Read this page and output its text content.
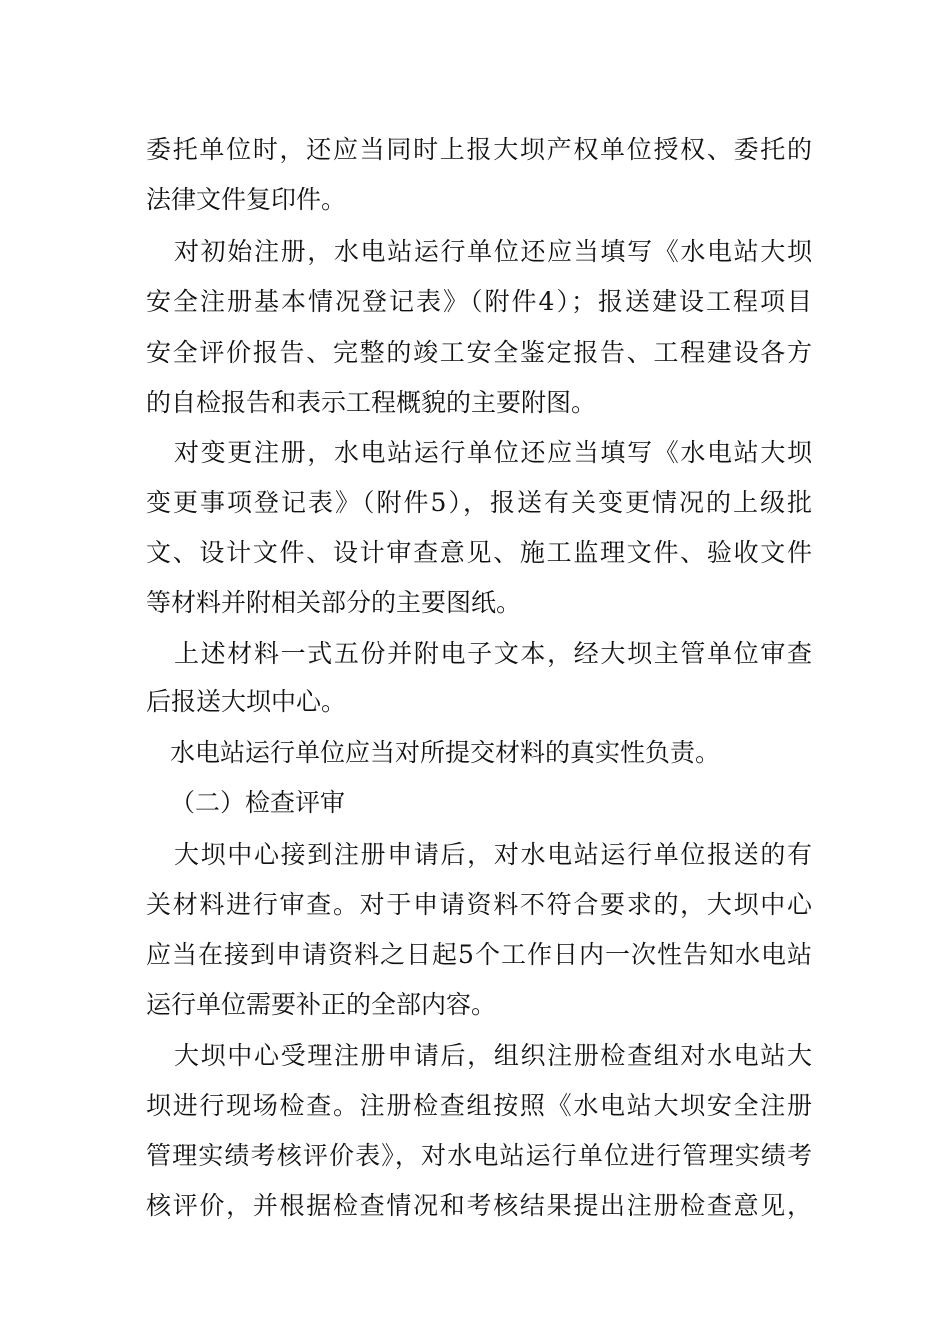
委托单位时，还应当同时上报大坝产权单位授权、委托的
法律文件复印件。
对初始注册，水电站运行单位还应当填写《水电站大坝
安全注册基本情况登记表》（附件4）；报送建设工程项目
安全评价报告、完整的竣工安全鉴定报告、工程建设各方
的自检报告和表示工程概貌的主要附图。
对变更注册，水电站运行单位还应当填写《水电站大坝
变更事项登记表》（附件5），报送有关变更情况的上级批
文、设计文件、设计审查意见、施工监理文件、验收文件
等材料并附相关部分的主要图纸。
上述材料一式五份并附电子文本，经大坝主管单位审查
后报送大坝中心。
水电站运行单位应当对所提交材料的真实性负责。
（二）检查评审
大坝中心接到注册申请后，对水电站运行单位报送的有
关材料进行审查。对于申请资料不符合要求的，大坝中心
应当在接到申请资料之日起5个工作日内一次性告知水电站
运行单位需要补正的全部内容。
大坝中心受理注册申请后，组织注册检查组对水电站大
坝进行现场检查。注册检查组按照《水电站大坝安全注册
管理实绩考核评价表》，对水电站运行单位进行管理实绩考
核评价，并根据检查情况和考核结果提出注册检查意见，
